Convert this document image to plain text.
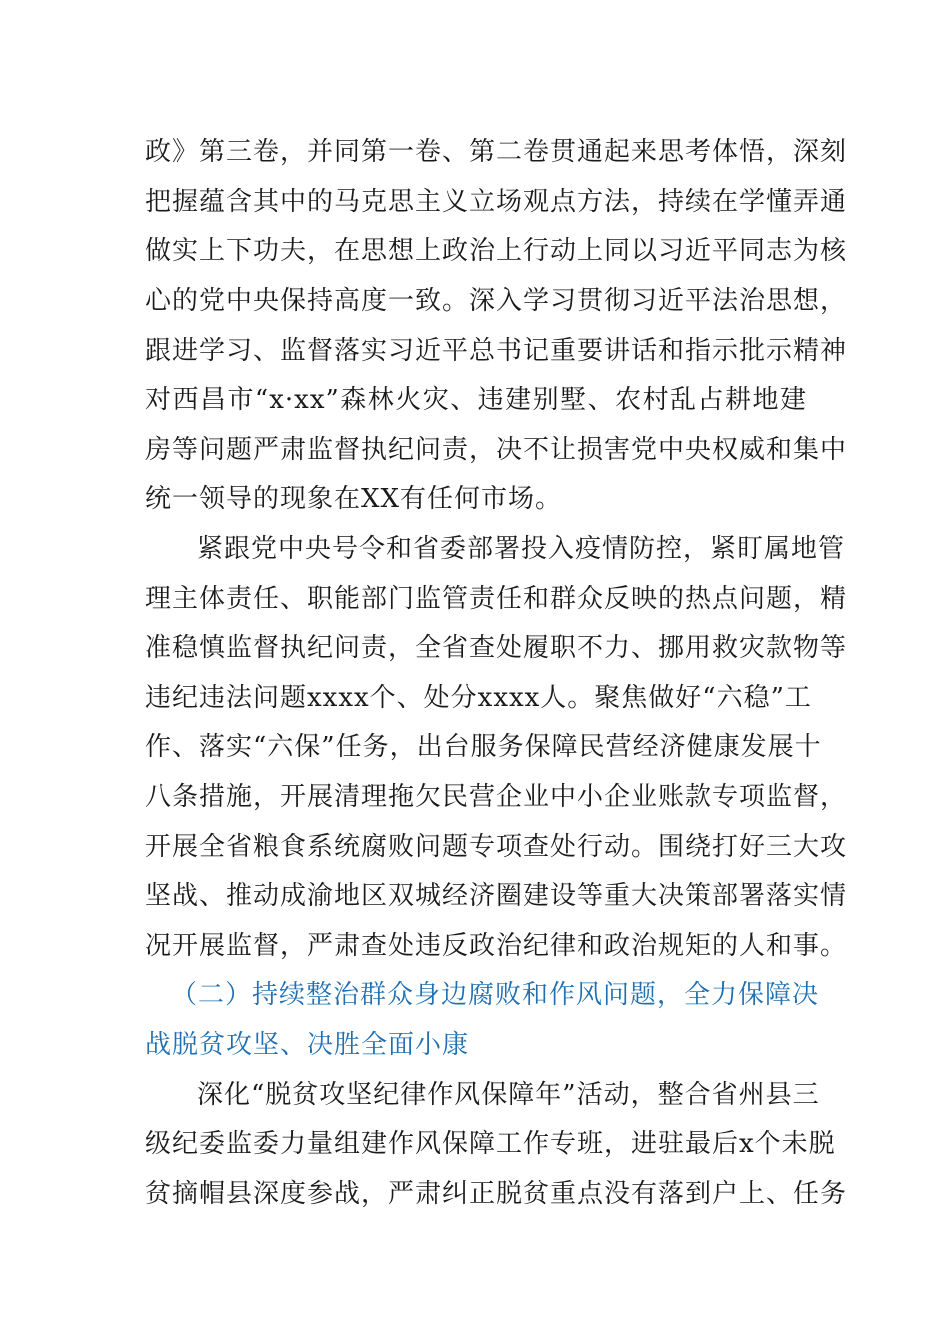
政》第三卷，并同第一卷、第二卷贯通起来思考体悟，深刻
把握蕴含其中的马克思主义立场观点方法，持续在学懂弄通
做实上下功夫，在思想上政治上行动上同以习近平同志为核
心的党中央保持高度一致。深入学习贯彻习近平法治思想，
跟进学习、监督落实习近平总书记重要讲话和指示批示精神
对西昌市“x·xx”森林火灾、违建别墅、农村乱占耕地建
房等问题严肃监督执纪问责，决不让损害党中央权威和集中
统一领导的现象在XX有任何市场。
紧跟党中央号令和省委部署投入疫情防控，紧盯属地管
理主体责任、职能部门监管责任和群众反映的热点问题，精
准稳慎监督执纪问责，全省查处履职不力、挪用救灾款物等
违纪违法问题xxxx个、处分xxxx人。聚焦做好“六稳”工
作、落实“六保”任务，出台服务保障民营经济健康发展十
八条措施，开展清理拖欠民营企业中小企业账款专项监督，
开展全省粮食系统腐败问题专项查处行动。围绕打好三大攻
坚战、推动成渝地区双城经济圈建设等重大决策部署落实情
况开展监督，严肃查处违反政治纪律和政治规矩的人和事。
（二）持续整治群众身边腐败和作风问题，全力保障决
战脱贫攻坚、决胜全面小康
深化“脱贫攻坚纪律作风保障年”活动，整合省州县三
级纪委监委力量组建作风保障工作专班，进驻最后x个未脱
贫摘帽县深度参战，严肃纠正脱贫重点没有落到户上、任务
